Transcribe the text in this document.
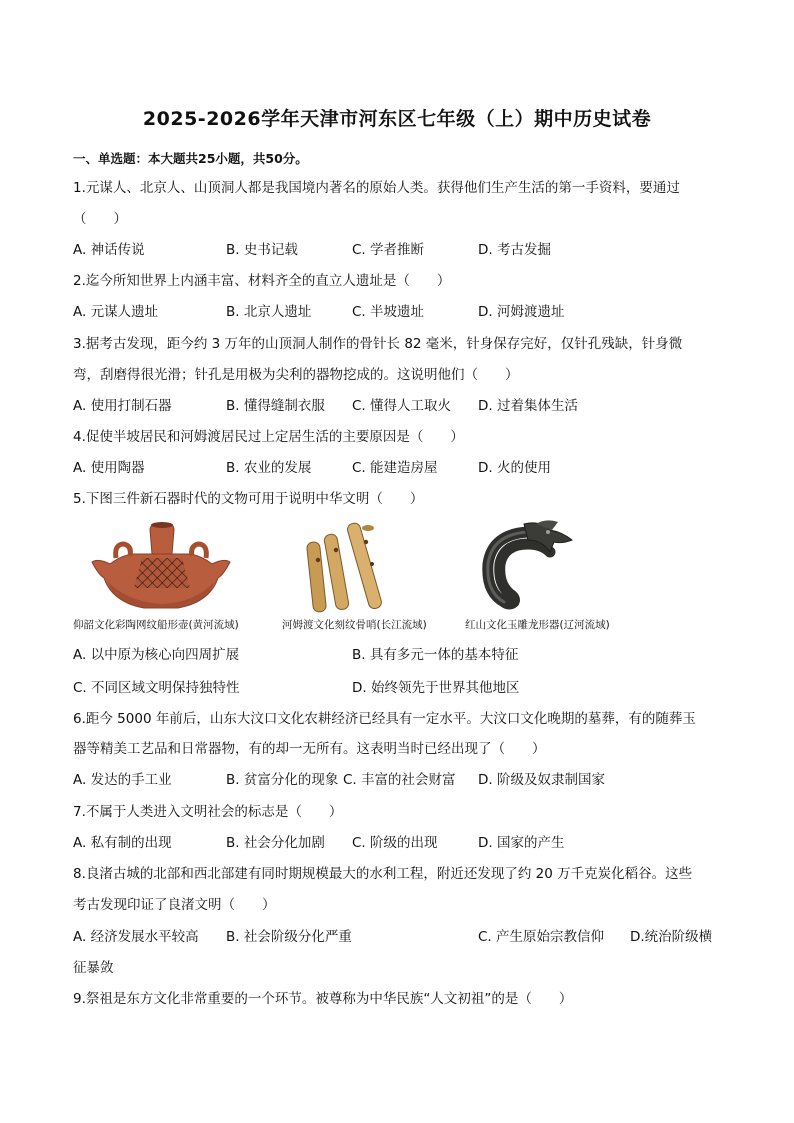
2025-2026学年天津市河东区七年级（上）期中历史试卷
一、单选题：本大题共25小题，共50分。
1.元谋人、北京人、山顶洞人都是我国境内著名的原始人类。获得他们生产生活的第一手资料，要通过
（　　）
A. 神话传说	B. 史书记载	C. 学者推断	D. 考古发掘
2.迄今所知世界上内涵丰富、材料齐全的直立人遗址是（　　）
A. 元谋人遗址	B. 北京人遗址	C. 半坡遗址	D. 河姆渡遗址
3.据考古发现，距今约 3 万年的山顶洞人制作的骨针长 82 毫米，针身保存完好，仅针孔残缺，针身微
弯，刮磨得很光滑；针孔是用极为尖利的器物挖成的。这说明他们（　　）
A. 使用打制石器	B. 懂得缝制衣服 C. 懂得人工取火 D. 过着集体生活
4.促使半坡居民和河姆渡居民过上定居生活的主要原因是（　　）
A. 使用陶器	B. 农业的发展	C. 能建造房屋	D. 火的使用
5.下图三件新石器时代的文物可用于说明中华文明（　　）
仰韶文化彩陶网纹船形壶(黄河流域)	河姆渡文化刻纹骨哨(长江流域)	红山文化玉雕龙形器(辽河流域)
A. 以中原为核心向四周扩展	B. 具有多元一体的基本特征
C. 不同区域文明保持独特性	D. 始终领先于世界其他地区
6.距今 5000 年前后，山东大汶口文化农耕经济已经具有一定水平。大汶口文化晚期的墓葬，有的随葬玉
器等精美工艺品和日常器物，有的却一无所有。这表明当时已经出现了（　　）
A. 发达的手工业	B. 贫富分化的现象 C. 丰富的社会财富 D. 阶级及奴隶制国家
7.不属于人类进入文明社会的标志是（　　）
A. 私有制的出现	B. 社会分化加剧 C. 阶级的出现	D. 国家的产生
8.良渚古城的北部和西北部建有同时期规模最大的水利工程，附近还发现了约 20 万千克炭化稻谷。这些
考古发现印证了良渚文明（　　）
A. 经济发展水平较高 B. 社会阶级分化严重	C. 产生原始宗教信仰 D.统治阶级横
征暴敛
9.祭祖是东方文化非常重要的一个环节。被尊称为中华民族“人文初祖”的是（　　）
